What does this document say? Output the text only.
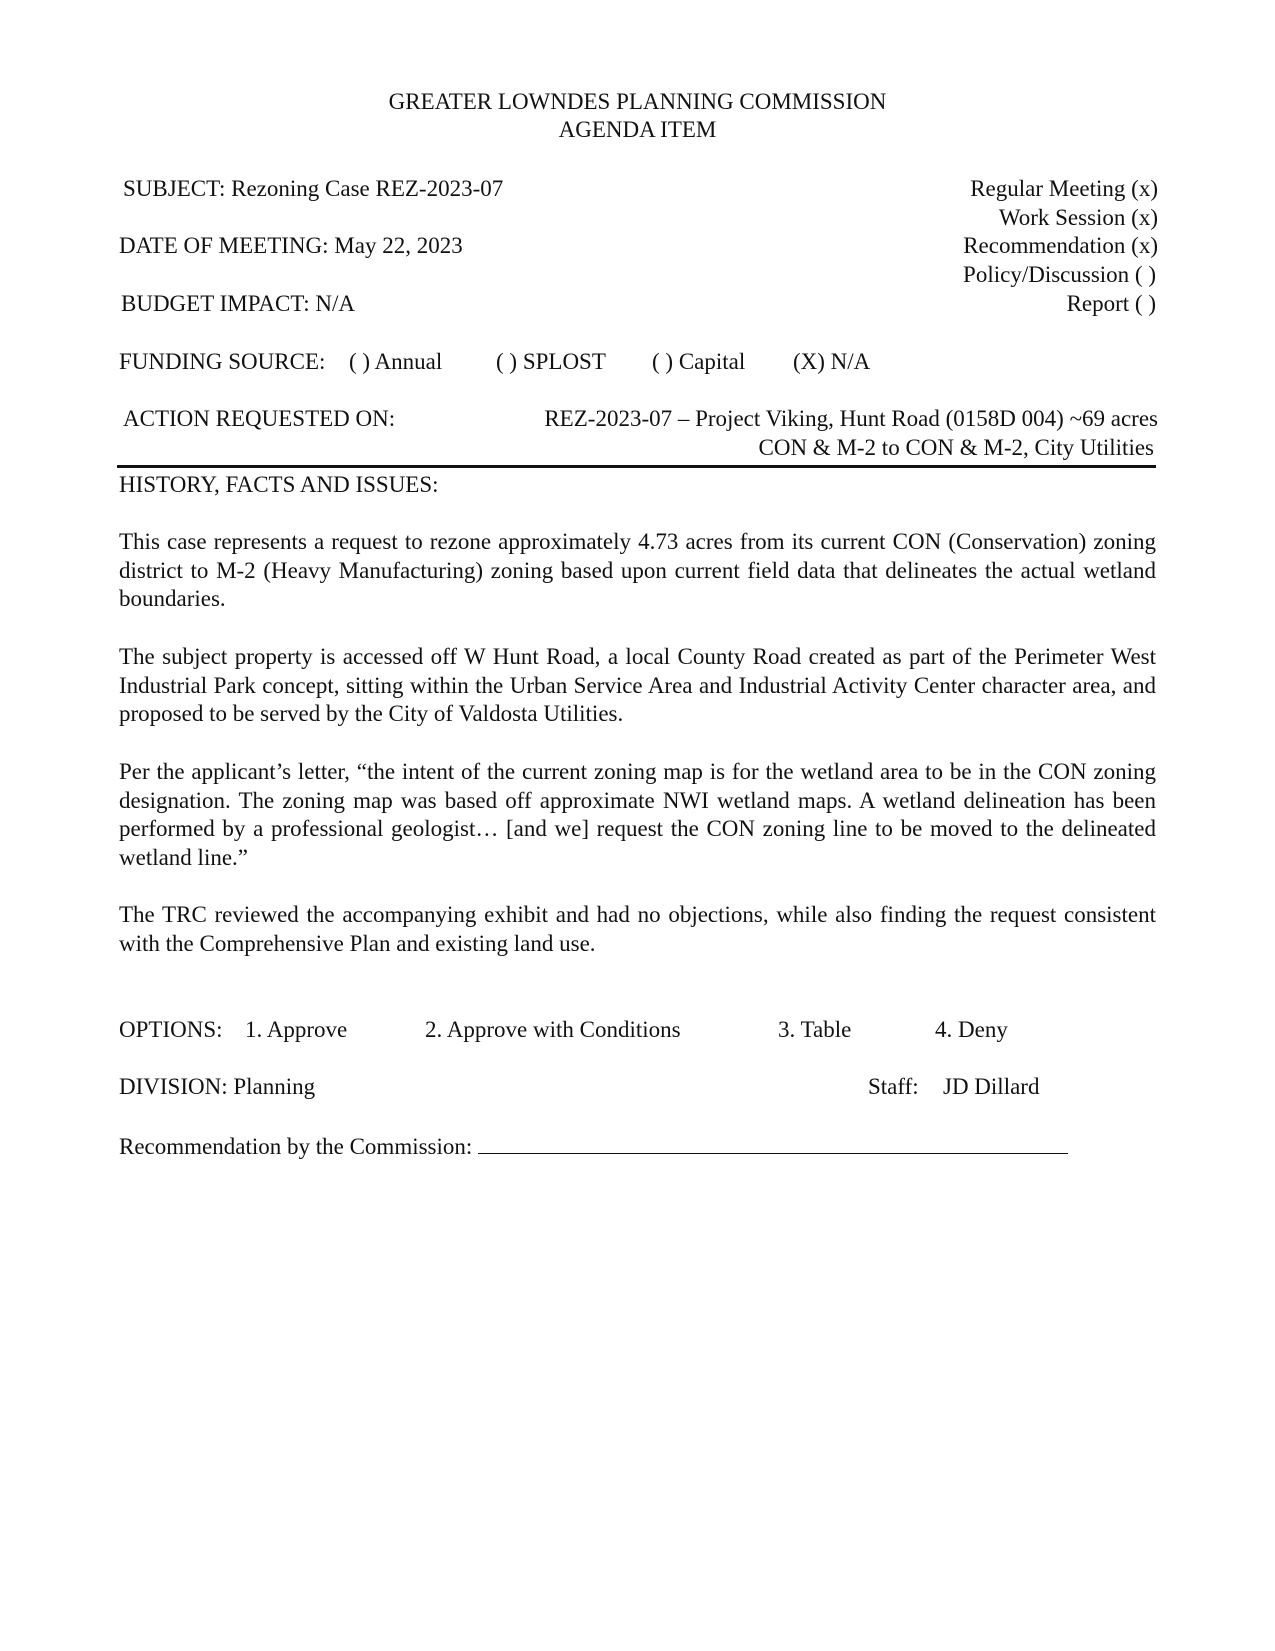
GREATER LOWNDES PLANNING COMMISSION
AGENDA ITEM
SUBJECT: Rezoning Case REZ-2023-07
DATE OF MEETING: May 22, 2023
BUDGET IMPACT: N/A
Regular Meeting (x)
Work Session (x)
Recommendation (x)
Policy/Discussion ( )
Report ( )
FUNDING SOURCE: ( ) Annual ( ) SPLOST ( ) Capital (X) N/A
ACTION REQUESTED ON:	REZ-2023-07 – Project Viking, Hunt Road (0158D 004) ~69 acres
CON & M-2 to CON & M-2, City Utilities
HISTORY, FACTS AND ISSUES:
This case represents a request to rezone approximately 4.73 acres from its current CON (Conservation) zoning district to M-2 (Heavy Manufacturing) zoning based upon current field data that delineates the actual wetland boundaries.
The subject property is accessed off W Hunt Road, a local County Road created as part of the Perimeter West Industrial Park concept, sitting within the Urban Service Area and Industrial Activity Center character area, and proposed to be served by the City of Valdosta Utilities.
Per the applicant’s letter, “the intent of the current zoning map is for the wetland area to be in the CON zoning designation. The zoning map was based off approximate NWI wetland maps. A wetland delineation has been performed by a professional geologist… [and we] request the CON zoning line to be moved to the delineated wetland line.”
The TRC reviewed the accompanying exhibit and had no objections, while also finding the request consistent with the Comprehensive Plan and existing land use.
OPTIONS: 1. Approve	2. Approve with Conditions	3. Table	4. Deny
DIVISION: Planning	Staff: JD Dillard
Recommendation by the Commission:
